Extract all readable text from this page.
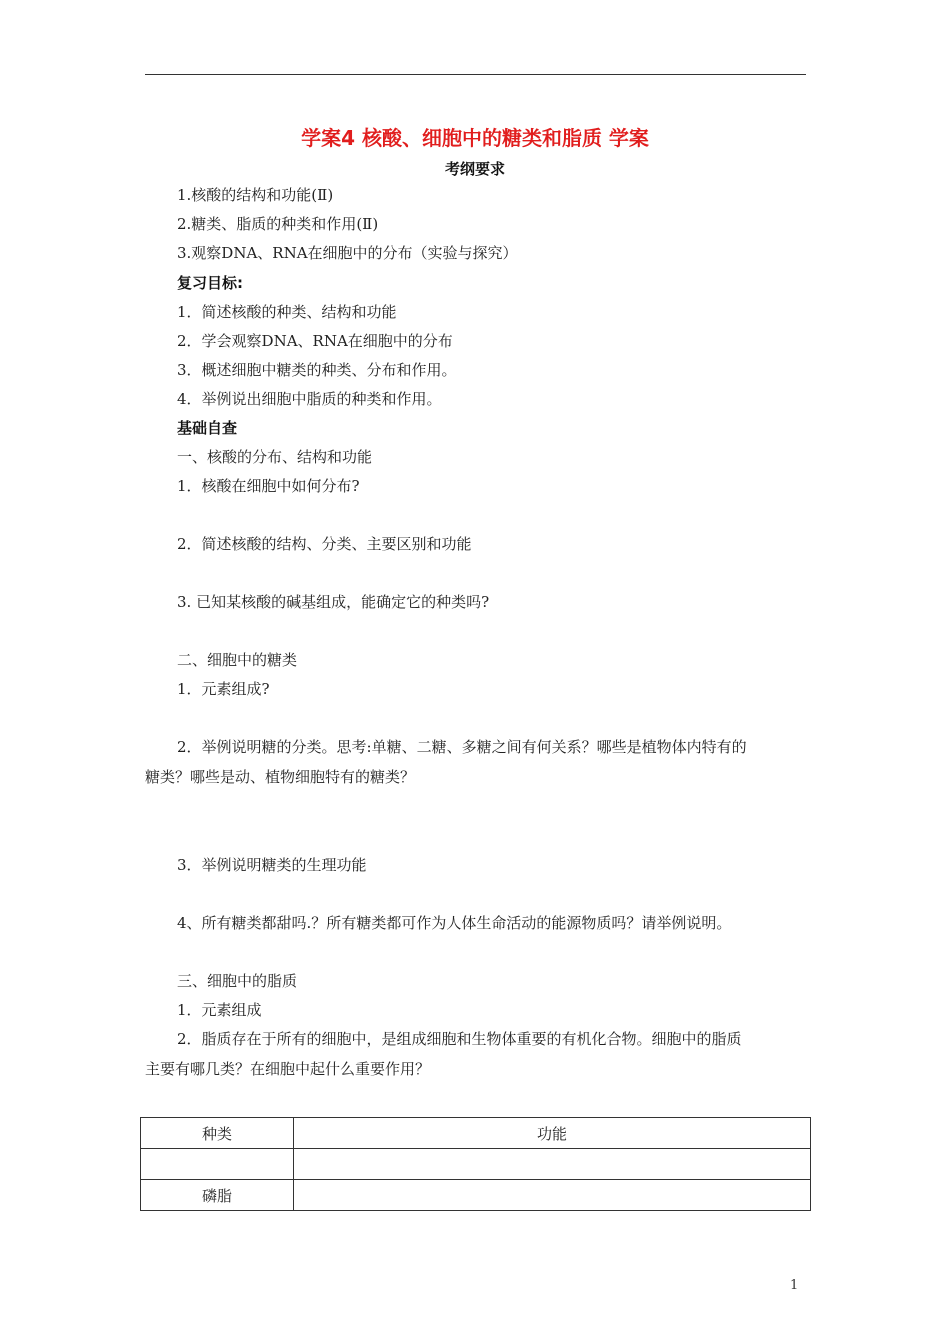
学案4 核酸、细胞中的糖类和脂质 学案
考纲要求
1.核酸的结构和功能(Ⅱ)
2.糖类、脂质的种类和作用(Ⅱ)
3.观察DNA、RNA在细胞中的分布（实验与探究）
复习目标:
1．简述核酸的种类、结构和功能
2．学会观察DNA、RNA在细胞中的分布
3．概述细胞中糖类的种类、分布和作用。
4．举例说出细胞中脂质的种类和作用。
基础自查
一、核酸的分布、结构和功能
1．核酸在细胞中如何分布?
2．简述核酸的结构、分类、主要区别和功能
3. 已知某核酸的碱基组成，能确定它的种类吗?
二、细胞中的糖类
1．元素组成?
2．举例说明糖的分类。思考:单糖、二糖、多糖之间有何关系？哪些是植物体内特有的
糖类？哪些是动、植物细胞特有的糖类？
3．举例说明糖类的生理功能
4、所有糖类都甜吗.？所有糖类都可作为人体生命活动的能源物质吗？请举例说明。
三、细胞中的脂质
1．元素组成
2．脂质存在于所有的细胞中，是组成细胞和生物体重要的有机化合物。细胞中的脂质
主要有哪几类？在细胞中起什么重要作用？
种类	功能

磷脂	
1
